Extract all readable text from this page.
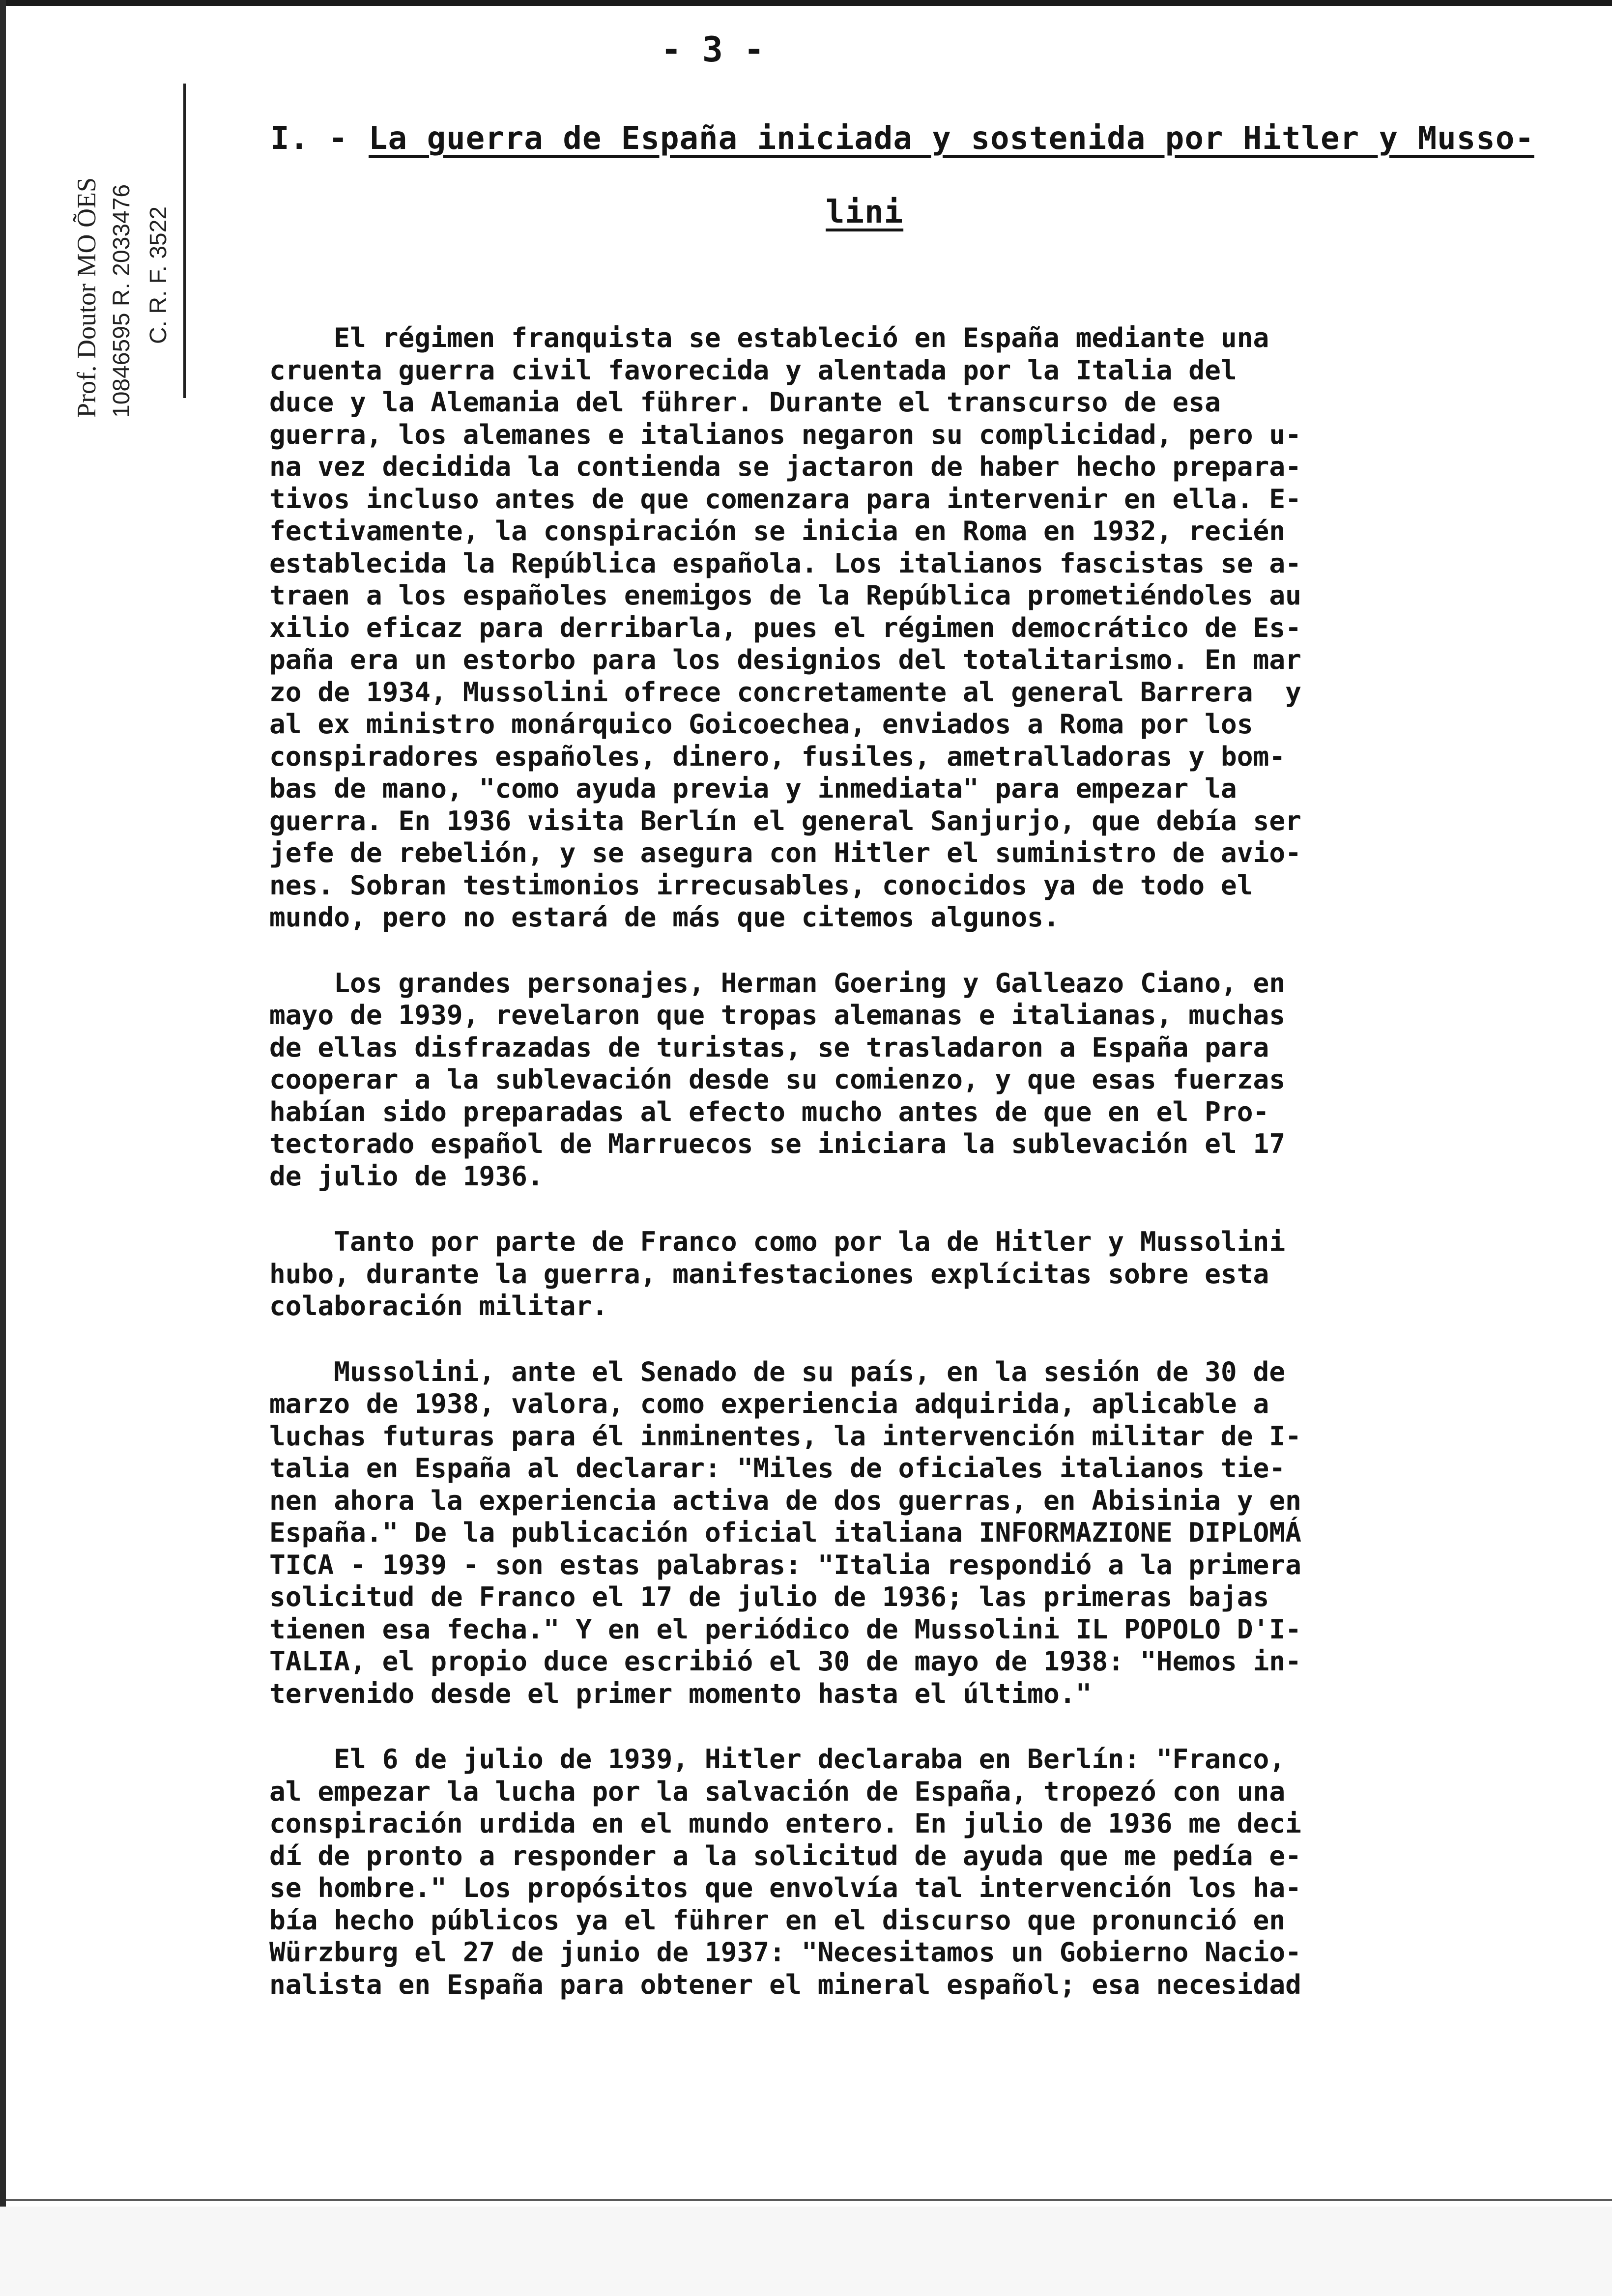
Prof. Doutor MO ÕES 10846595 R. 2033476 C. R. F. 3522
- 3 -
I. - La guerra de España iniciada y sostenida por Hitler y Musso-
lini
El régimen franquista se estableció en España mediante una
cruenta guerra civil favorecida y alentada por la Italia del
duce y la Alemania del führer. Durante el transcurso de esa
guerra, los alemanes e italianos negaron su complicidad, pero u-
na vez decidida la contienda se jactaron de haber hecho prepara-
tivos incluso antes de que comenzara para intervenir en ella. E-
fectivamente, la conspiración se inicia en Roma en 1932, recién
establecida la República española. Los italianos fascistas se a-
traen a los españoles enemigos de la República prometiéndoles au
xilio eficaz para derribarla, pues el régimen democrático de Es-
paña era un estorbo para los designios del totalitarismo. En mar
zo de 1934, Mussolini ofrece concretamente al general Barrera  y
al ex ministro monárquico Goicoechea, enviados a Roma por los
conspiradores españoles, dinero, fusiles, ametralladoras y bom-
bas de mano, "como ayuda previa y inmediata" para empezar la
guerra. En 1936 visita Berlín el general Sanjurjo, que debía ser
jefe de rebelión, y se asegura con Hitler el suministro de avio-
nes. Sobran testimonios irrecusables, conocidos ya de todo el
mundo, pero no estará de más que citemos algunos.
Los grandes personajes, Herman Goering y Galleazo Ciano, en
mayo de 1939, revelaron que tropas alemanas e italianas, muchas
de ellas disfrazadas de turistas, se trasladaron a España para
cooperar a la sublevación desde su comienzo, y que esas fuerzas
habían sido preparadas al efecto mucho antes de que en el Pro-
tectorado español de Marruecos se iniciara la sublevación el 17
de julio de 1936.
Tanto por parte de Franco como por la de Hitler y Mussolini
hubo, durante la guerra, manifestaciones explícitas sobre esta
colaboración militar.
Mussolini, ante el Senado de su país, en la sesión de 30 de
marzo de 1938, valora, como experiencia adquirida, aplicable a
luchas futuras para él inminentes, la intervención militar de I-
talia en España al declarar: "Miles de oficiales italianos tie-
nen ahora la experiencia activa de dos guerras, en Abisinia y en
España." De la publicación oficial italiana INFORMAZIONE DIPLOMÁ
TICA - 1939 - son estas palabras: "Italia respondió a la primera
solicitud de Franco el 17 de julio de 1936; las primeras bajas
tienen esa fecha." Y en el periódico de Mussolini IL POPOLO D'I-
TALIA, el propio duce escribió el 30 de mayo de 1938: "Hemos in-
tervenido desde el primer momento hasta el último."
El 6 de julio de 1939, Hitler declaraba en Berlín: "Franco,
al empezar la lucha por la salvación de España, tropezó con una
conspiración urdida en el mundo entero. En julio de 1936 me deci
dí de pronto a responder a la solicitud de ayuda que me pedía e-
se hombre." Los propósitos que envolvía tal intervención los ha-
bía hecho públicos ya el führer en el discurso que pronunció en
Würzburg el 27 de junio de 1937: "Necesitamos un Gobierno Nacio-
nalista en España para obtener el mineral español; esa necesidad
